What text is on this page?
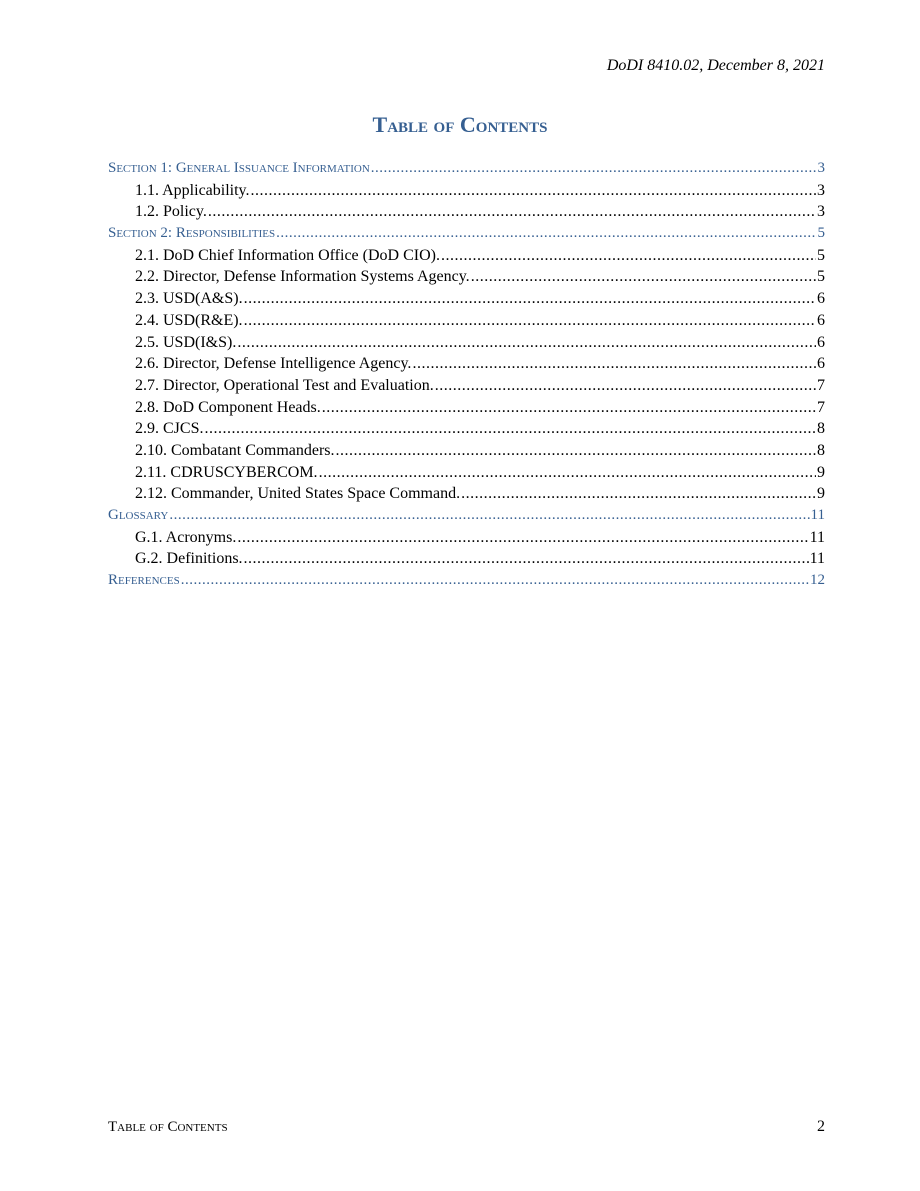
DoDI 8410.02, December 8, 2021
Table of Contents
Section 1: General Issuance Information .....	3
1.1. Applicability. .....	3
1.2. Policy. .....	3
Section 2: Responsibilities .....	5
2.1. DoD Chief Information Office (DoD CIO). .....	5
2.2. Director, Defense Information Systems Agency. .....	5
2.3. USD(A&S). .....	6
2.4. USD(R&E). .....	6
2.5. USD(I&S). .....	6
2.6. Director, Defense Intelligence Agency. .....	6
2.7. Director, Operational Test and Evaluation. .....	7
2.8. DoD Component Heads. .....	7
2.9. CJCS. .....	8
2.10. Combatant Commanders. .....	8
2.11. CDRUSCYBERCOM. .....	9
2.12. Commander, United States Space Command. .....	9
Glossary .....	11
G.1. Acronyms. .....	11
G.2. Definitions. .....	11
References .....	12
Table of Contents	2
